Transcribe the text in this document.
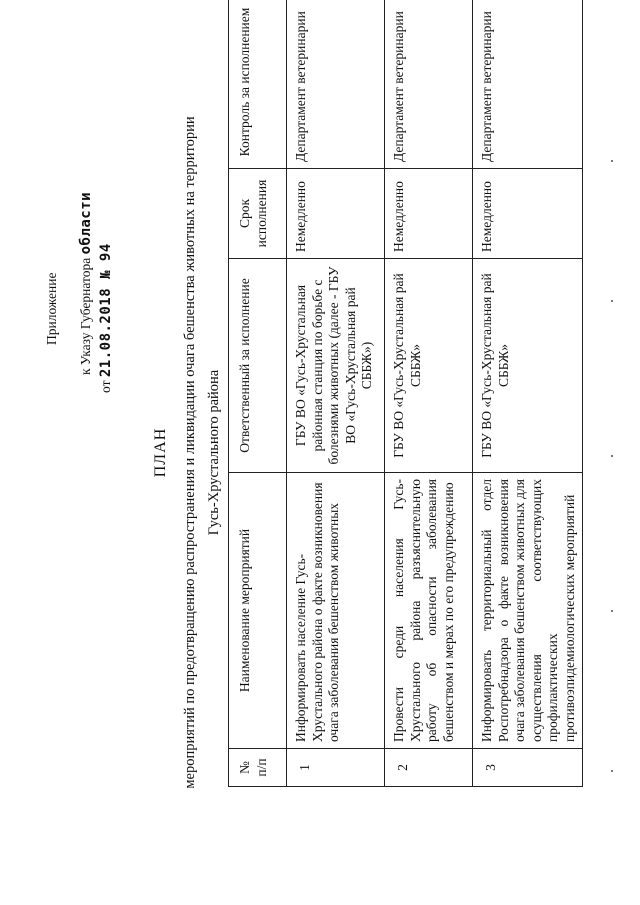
Приложение к Указу Губернатора области
от 21.08.2018 № 94
ПЛАН мероприятий по предотвращению распространения и ликвидации очага бешенства животных на территории Гусь-Хрустального района
№ п/п	Наименование мероприятий	Ответственный за исполнение	Срок исполнения	Контроль за исполнением
1	Информировать население Гусь-Хрустального района о факте возникновения очага заболевания бешенством животных	ГБУ ВО «Гусь-Хрустальная районная станция по борьбе с болезнями животных (далее - ГБУ ВО «Гусь-Хрустальная рай СББЖ»)	Немедленно	Департамент ветеринарии
2	Провести среди населения Гусь-Хрустального района разъяснительную работу об опасности заболевания бешенством и мерах по его предупреждению	ГБУ ВО «Гусь-Хрустальная рай СББЖ»	Немедленно	Департамент ветеринарии
3	Информировать территориальный отдел Роспотребнадзора о факте возникновения очага заболевания бешенством животных для осуществления соответствующих профилактических противоэпидемиологических мероприятий	ГБУ ВО «Гусь-Хрустальная рай СББЖ»	Немедленно	Департамент ветеринарии
